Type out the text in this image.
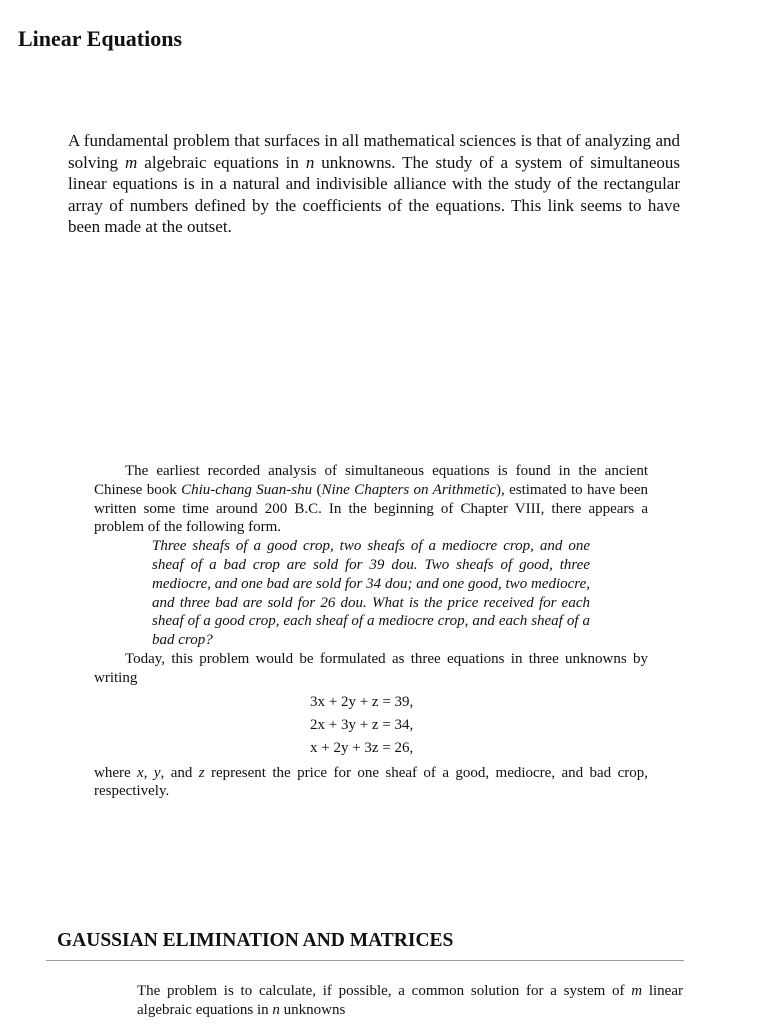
Linear Equations
A fundamental problem that surfaces in all mathematical sciences is that of analyzing and solving m algebraic equations in n unknowns. The study of a system of simultaneous linear equations is in a natural and indivisible alliance with the study of the rectangular array of numbers defined by the coefficients of the equations. This link seems to have been made at the outset.

The earliest recorded analysis of simultaneous equations is found in the ancient Chinese book Chiu-chang Suan-shu (Nine Chapters on Arithmetic), estimated to have been written some time around 200 B.C. In the beginning of Chapter VIII, there appears a problem of the following form.

Three sheafs of a good crop, two sheafs of a mediocre crop, and one sheaf of a bad crop are sold for 39 dou. Two sheafs of good, three mediocre, and one bad are sold for 34 dou; and one good, two mediocre, and three bad are sold for 26 dou. What is the price received for each sheaf of a good crop, each sheaf of a mediocre crop, and each sheaf of a bad crop?

Today, this problem would be formulated as three equations in three unknowns by writing

3x + 2y + z = 39,
2x + 3y + z = 34,
x + 2y + 3z = 26,

where x, y, and z represent the price for one sheaf of a good, mediocre, and bad crop, respectively.

GAUSSIAN ELIMINATION AND MATRICES
The problem is to calculate, if possible, a common solution for a system of m linear algebraic equations in n unknowns
